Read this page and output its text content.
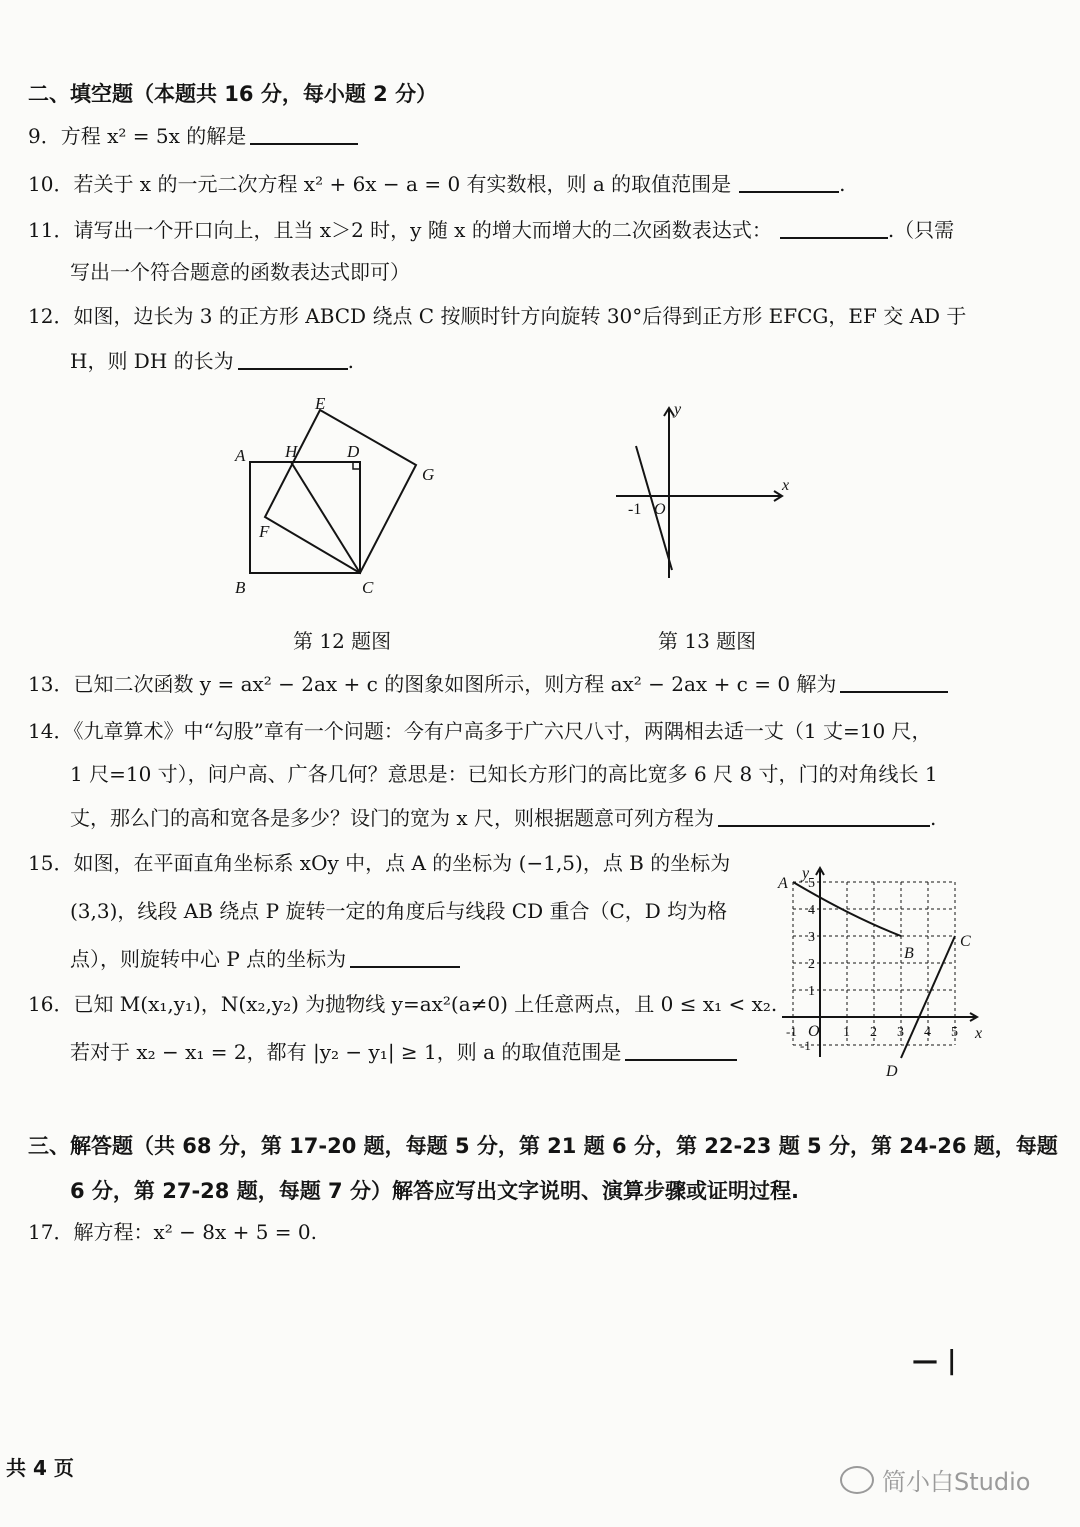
二、填空题（本题共 16 分，每小题 2 分）
9．方程 x² = 5x 的解是
10．若关于 x 的一元二次方程 x² + 6x − a = 0 有实数根，则 a 的取值范围是	.
11．请写出一个开口向上，且当 x＞2 时，y 随 x 的增大而增大的二次函数表达式：	.（只需
写出一个符合题意的函数表达式即可）
12．如图，边长为 3 的正方形 ABCD 绕点 C 按顺时针方向旋转 30°后得到正方形 EFCG，EF 交 AD 于
H，则 DH 的长为	.
A
B	C
D
E
F
G
H
x
y
-1 O
第 12 题图	第 13 题图
13．已知二次函数 y = ax² − 2ax + c 的图象如图所示，则方程 ax² − 2ax + c = 0 解为
14．《九章算术》中“勾股”章有一个问题：今有户高多于广六尺八寸，两隅相去适一丈（1 丈=10 尺，
1 尺=10 寸），问户高、广各几何？意思是：已知长方形门的高比宽多 6 尺 8 寸，门的对角线长 1
丈，那么门的高和宽各是多少？设门的宽为 x 尺，则根据题意可列方程为	.
15．如图，在平面直角坐标系 xOy 中，点 A 的坐标为 (−1,5)，点 B 的坐标为
(3,3)，线段 AB 绕点 P 旋转一定的角度后与线段 CD 重合（C，D 均为格
点），则旋转中心 P 点的坐标为
16．已知 M(x₁,y₁)，N(x₂,y₂) 为抛物线 y=ax²(a≠0) 上任意两点，且 0 ≤ x₁ < x₂.
若对于 x₂ − x₁ = 2，都有 |y₂ − y₁| ≥ 1，则 a 的取值范围是
A
B
C
D
x
y
O
-1
-1
1 2 3 4 5
1
2
3
4
5
三、解答题（共 68 分，第 17-20 题，每题 5 分，第 21 题 6 分，第 22-23 题 5 分，第 24-26 题，每题
6 分，第 27-28 题，每题 7 分）解答应写出文字说明、演算步骤或证明过程.
17．解方程：x² − 8x + 5 = 0.
— |
共 4 页	简小白Studio
